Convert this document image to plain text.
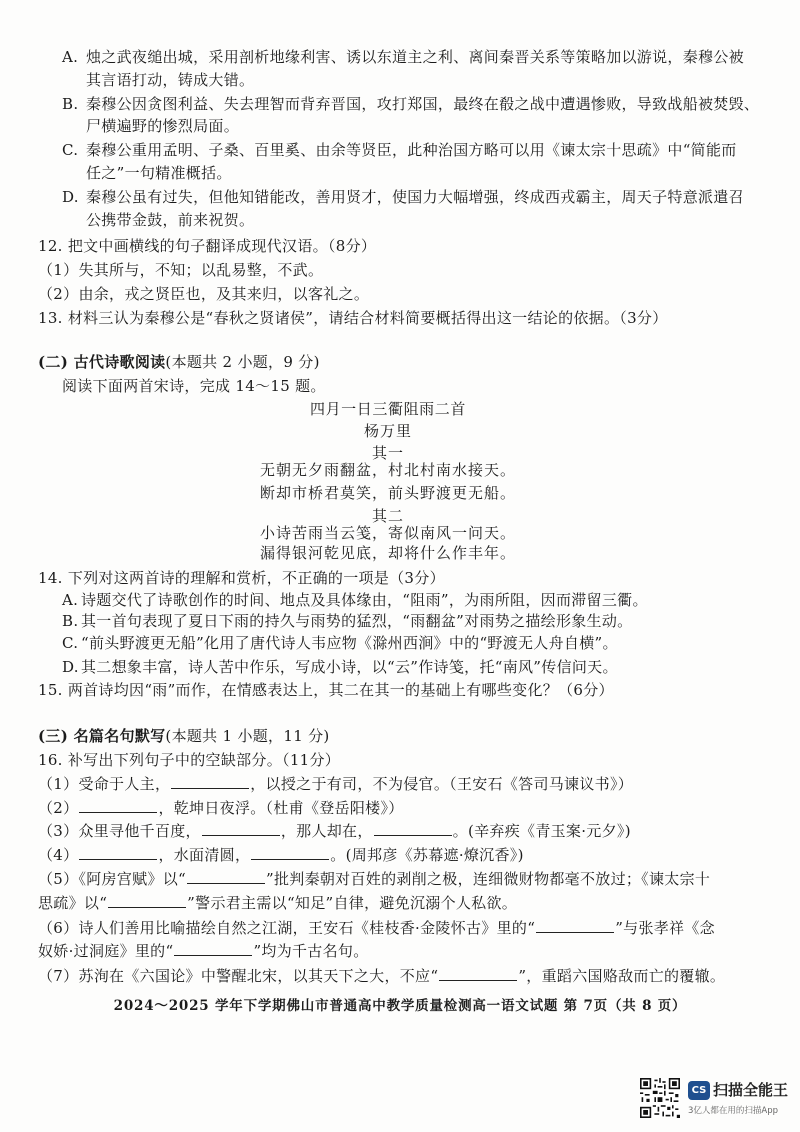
A. 烛之武夜缒出城，采用剖析地缘利害、诱以东道主之利、离间秦晋关系等策略加以游说，秦穆公被
其言语打动，铸成大错。
B. 秦穆公因贪图利益、失去理智而背弃晋国，攻打郑国，最终在殽之战中遭遇惨败，导致战船被焚毁、
尸横遍野的惨烈局面。
C. 秦穆公重用孟明、子桑、百里奚、由余等贤臣，此种治国方略可以用《谏太宗十思疏》中“简能而
任之”一句精准概括。
D. 秦穆公虽有过失，但他知错能改，善用贤才，使国力大幅增强，终成西戎霸主，周天子特意派遣召
公携带金鼓，前来祝贺。
12. 把文中画横线的句子翻译成现代汉语。（8分）
（1）失其所与，不知；以乱易整，不武。
（2）由余，戎之贤臣也，及其来归，以客礼之。
13. 材料三认为秦穆公是“春秋之贤诸侯”，请结合材料简要概括得出这一结论的依据。（3分）
(二) 古代诗歌阅读(本题共 2 小题，9 分)
阅读下面两首宋诗，完成 14～15 题。
四月一日三衢阻雨二首
杨万里
其一
无朝无夕雨翻盆，村北村南水接天。
断却市桥君莫笑，前头野渡更无船。
其二
小诗苦雨当云笺，寄似南风一问天。
漏得银河乾见底，却将什么作丰年。
14. 下列对这两首诗的理解和赏析，不正确的一项是（3分）
A. 诗题交代了诗歌创作的时间、地点及具体缘由，“阻雨”，为雨所阻，因而滞留三衢。
B. 其一首句表现了夏日下雨的持久与雨势的猛烈，“雨翻盆”对雨势之描绘形象生动。
C. “前头野渡更无船”化用了唐代诗人韦应物《滁州西涧》中的“野渡无人舟自横”。
D. 其二想象丰富，诗人苦中作乐，写成小诗，以“云”作诗笺，托“南风”传信问天。
15. 两首诗均因“雨”而作，在情感表达上，其二在其一的基础上有哪些变化？（6分）
(三) 名篇名句默写(本题共 1 小题，11 分)
16. 补写出下列句子中的空缺部分。（11分）
（1）受命于人主，	，以授之于有司，不为侵官。（王安石《答司马谏议书》）
（2）	，乾坤日夜浮。（杜甫《登岳阳楼》）
（3）众里寻他千百度，	，那人却在，	。(辛弃疾《青玉案·元夕》)
（4）	，水面清圆，	。(周邦彦《苏幕遮·燎沉香》)
（5）《阿房宫赋》以“	”批判秦朝对百姓的剥削之极，连细微财物都毫不放过；《谏太宗十
思疏》以“	”警示君主需以“知足”自律，避免沉溺个人私欲。
（6）诗人们善用比喻描绘自然之江湖，王安石《桂枝香·金陵怀古》里的“	”与张孝祥《念
奴娇·过洞庭》里的“	”均为千古名句。
（7）苏洵在《六国论》中警醒北宋，以其天下之大，不应“	”，重蹈六国赂敌而亡的覆辙。
2024～2025 学年下学期佛山市普通高中教学质量检测高一语文试题 第 7页（共 8 页）
CS 扫描全能王
3亿人都在用的扫描App
